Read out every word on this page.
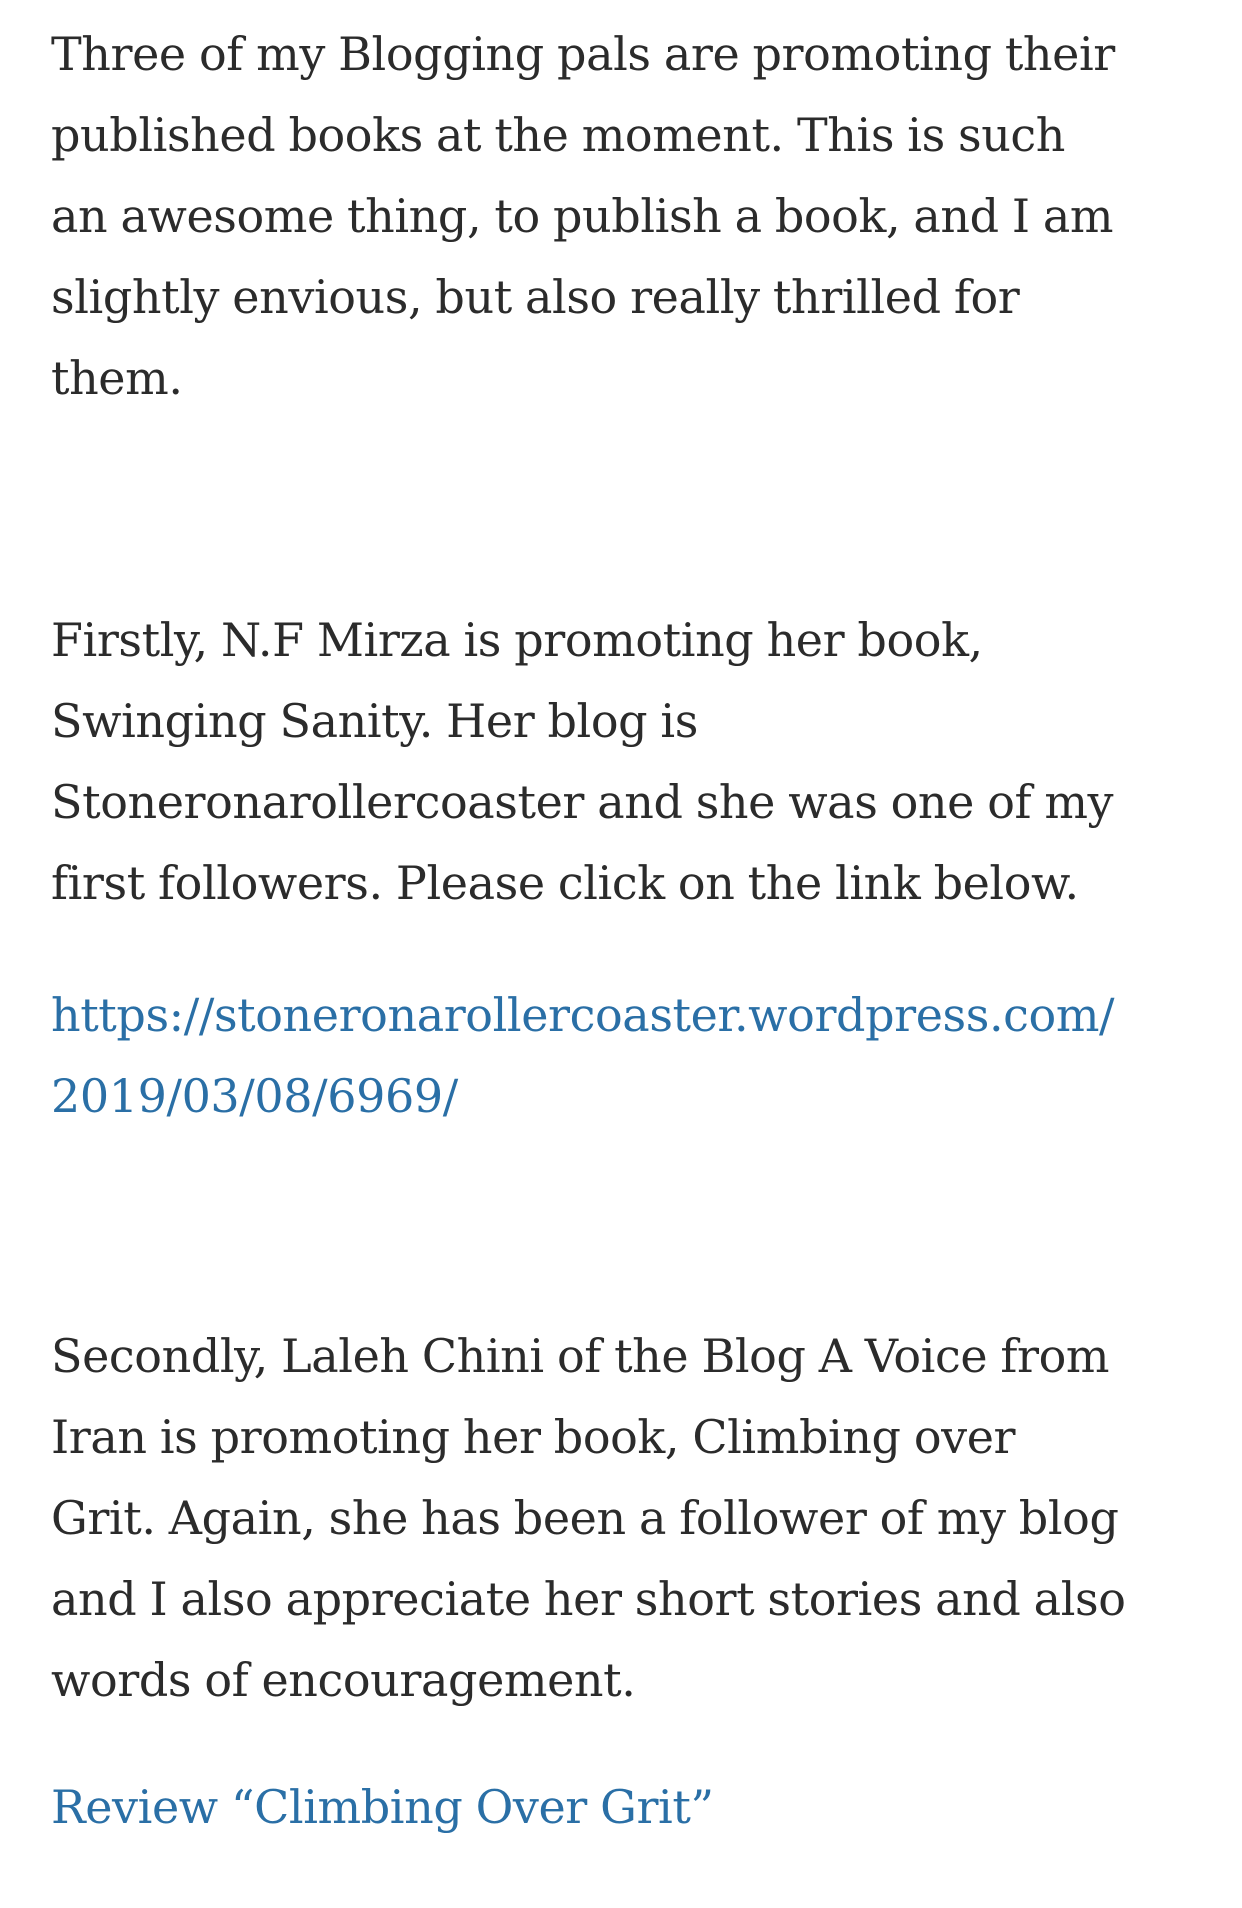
Three of my Blogging pals are promoting their
published books at the moment. This is such
an awesome thing, to publish a book, and I am
slightly envious, but also really thrilled for
them.

Firstly, N.F Mirza is promoting her book,
Swinging Sanity. Her blog is
Stoneronarollercoaster and she was one of my
first followers. Please click on the link below.

https://stoneronarollercoaster.wordpress.com/
2019/03/08/6969/

Secondly, Laleh Chini of the Blog A Voice from
Iran is promoting her book, Climbing over
Grit. Again, she has been a follower of my blog
and I also appreciate her short stories and also
words of encouragement.

Review “Climbing Over Grit”
